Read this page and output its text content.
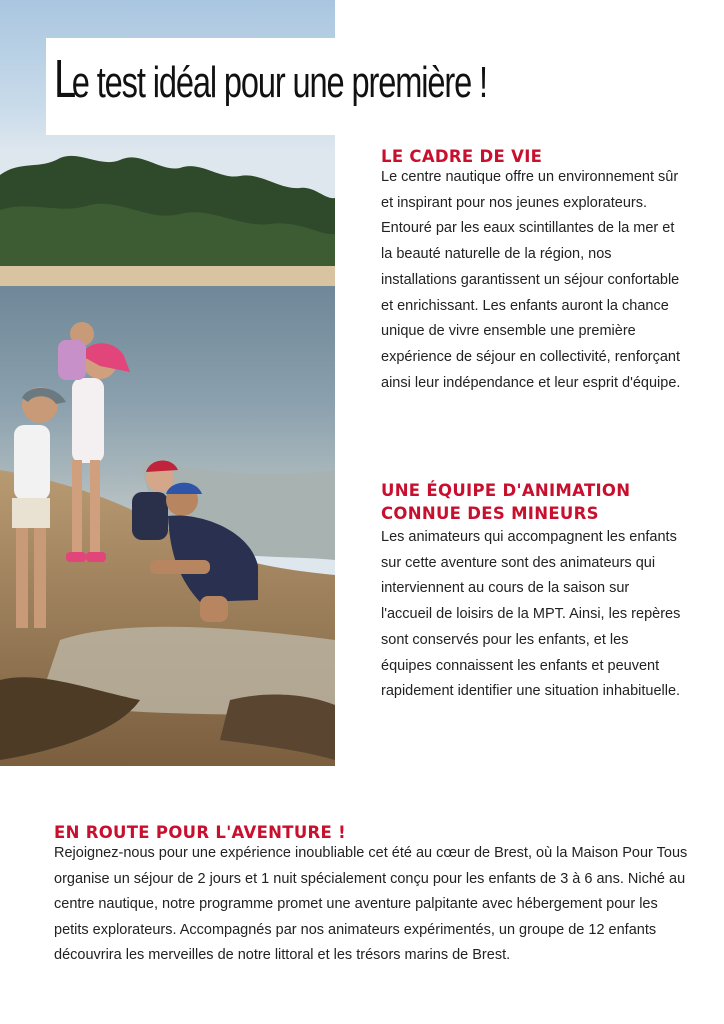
Le test idéal pour une première !
LE CADRE DE VIE

Le centre nautique offre un environnement sûr et inspirant pour nos jeunes explorateurs. Entouré par les eaux scintillantes de la mer et la beauté naturelle de la région, nos installations garantissent un séjour confortable et enrichissant. Les enfants auront la chance unique de vivre ensemble une première expérience de séjour en collectivité, renforçant ainsi leur indépendance et leur esprit d'équipe.

UNE ÉQUIPE D'ANIMATION
CONNUE DES MINEURS

Les animateurs qui accompagnent les enfants sur cette aventure sont des animateurs qui interviennent au cours de la saison sur l'accueil de loisirs de la MPT. Ainsi, les repères sont conservés pour les enfants, et les équipes connaissent les enfants et peuvent rapidement identifier une situation inhabituelle.

EN ROUTE POUR L'AVENTURE !

Rejoignez-nous pour une expérience inoubliable cet été au cœur de Brest, où la Maison Pour Tous organise un séjour de 2 jours et 1 nuit spécialement conçu pour les enfants de 3 à 6 ans. Niché au centre nautique, notre programme promet une aventure palpitante avec hébergement pour les petits explorateurs. Accompagnés par nos animateurs expérimentés, un groupe de 12 enfants découvrira les merveilles de notre littoral et les trésors marins de Brest.
